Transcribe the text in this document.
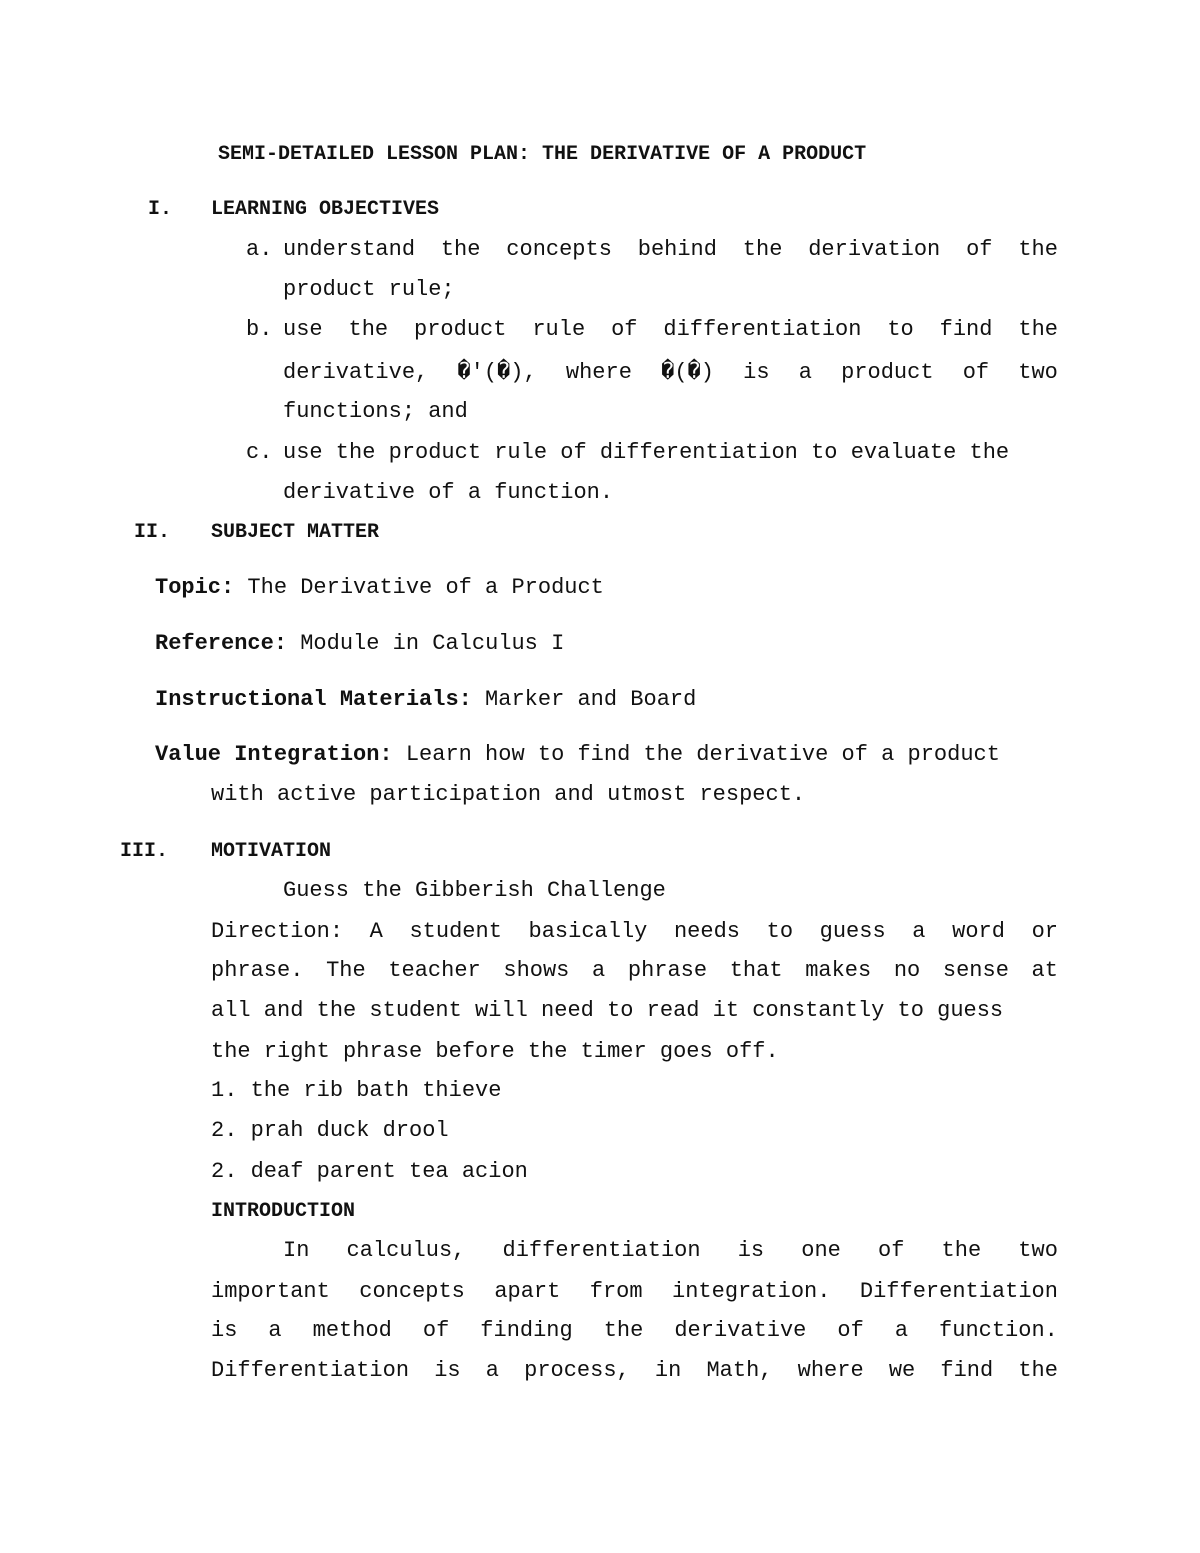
SEMI-DETAILED LESSON PLAN: THE DERIVATIVE OF A PRODUCT
I. LEARNING OBJECTIVES
a. understand the concepts behind the derivation of the
product rule;
b. use the product rule of differentiation to find the
derivative, �′(�), where �(�) is a product of two
functions; and
c. use the product rule of differentiation to evaluate the
derivative of a function.
II. SUBJECT MATTER
Topic: The Derivative of a Product
Reference: Module in Calculus I
Instructional Materials: Marker and Board
Value Integration: Learn how to find the derivative of a product
with active participation and utmost respect.
III. MOTIVATION
Guess the Gibberish Challenge
Direction: A student basically needs to guess a word or
phrase. The teacher shows a phrase that makes no sense at
all and the student will need to read it constantly to guess
the right phrase before the timer goes off.
1. the rib bath thieve
2. prah duck drool
2. deaf parent tea acion
INTRODUCTION
In calculus, differentiation is one of the two
important concepts apart from integration. Differentiation
is a method of finding the derivative of a function.
Differentiation is a process, in Math, where we find the
